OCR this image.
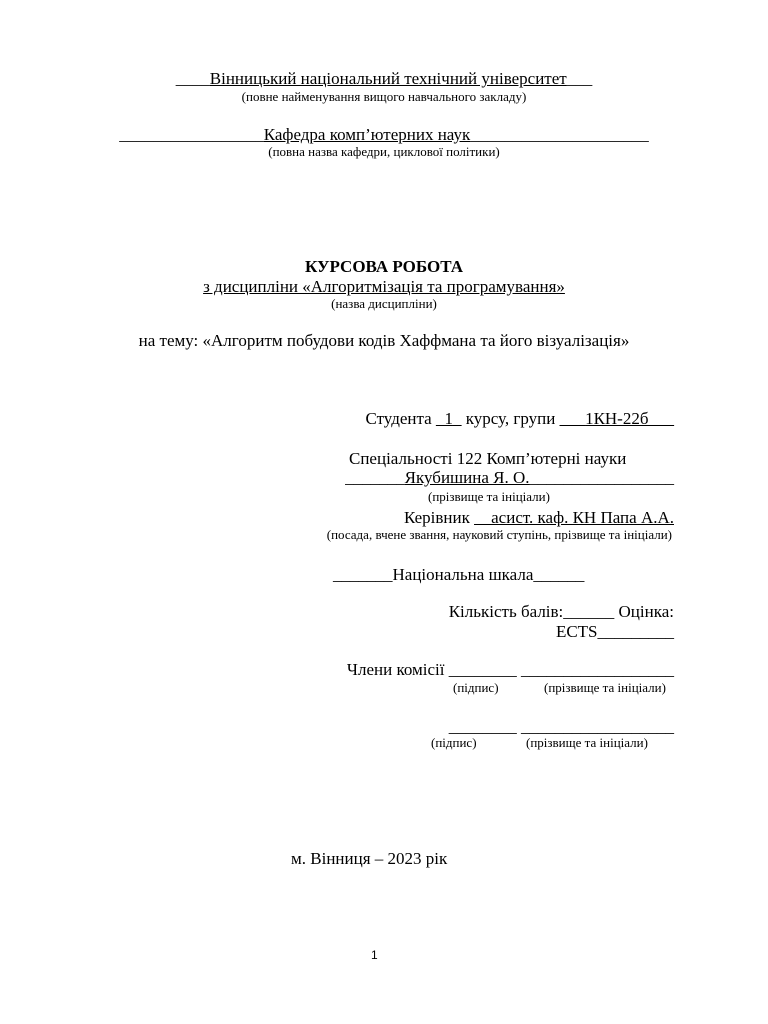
____Вінницький національний технічний університет___
(повне найменування вищого навчального закладу)
_________________Кафедра комп’ютерних наук_____________________
(повна назва кафедри, циклової політики)
КУРСОВА РОБОТА
з дисципліни «Алгоритмізація та програмування»
(назва дисципліни)
на тему: «Алгоритм побудови кодів Хаффмана та його візуалізація»
Студента _1_ курсу, групи ___1КН-22б___
Спеціальності 122 Комп’ютерні науки
_______Якубишина Я. О._________________
(прізвище та ініціали)
Керівник __асист. каф. КН Папа А.А.
(посада, вчене звання, науковий ступінь, прізвище та ініціали)
_______Національна шкала______
Кількість балів:______ Оцінка:
ECTS_________
Члени комісії ________ __________________
(підпис)	(прізвище та ініціали)
________ __________________
(підпис)	(прізвище та ініціали)
м. Вінниця – 2023 рік
1
